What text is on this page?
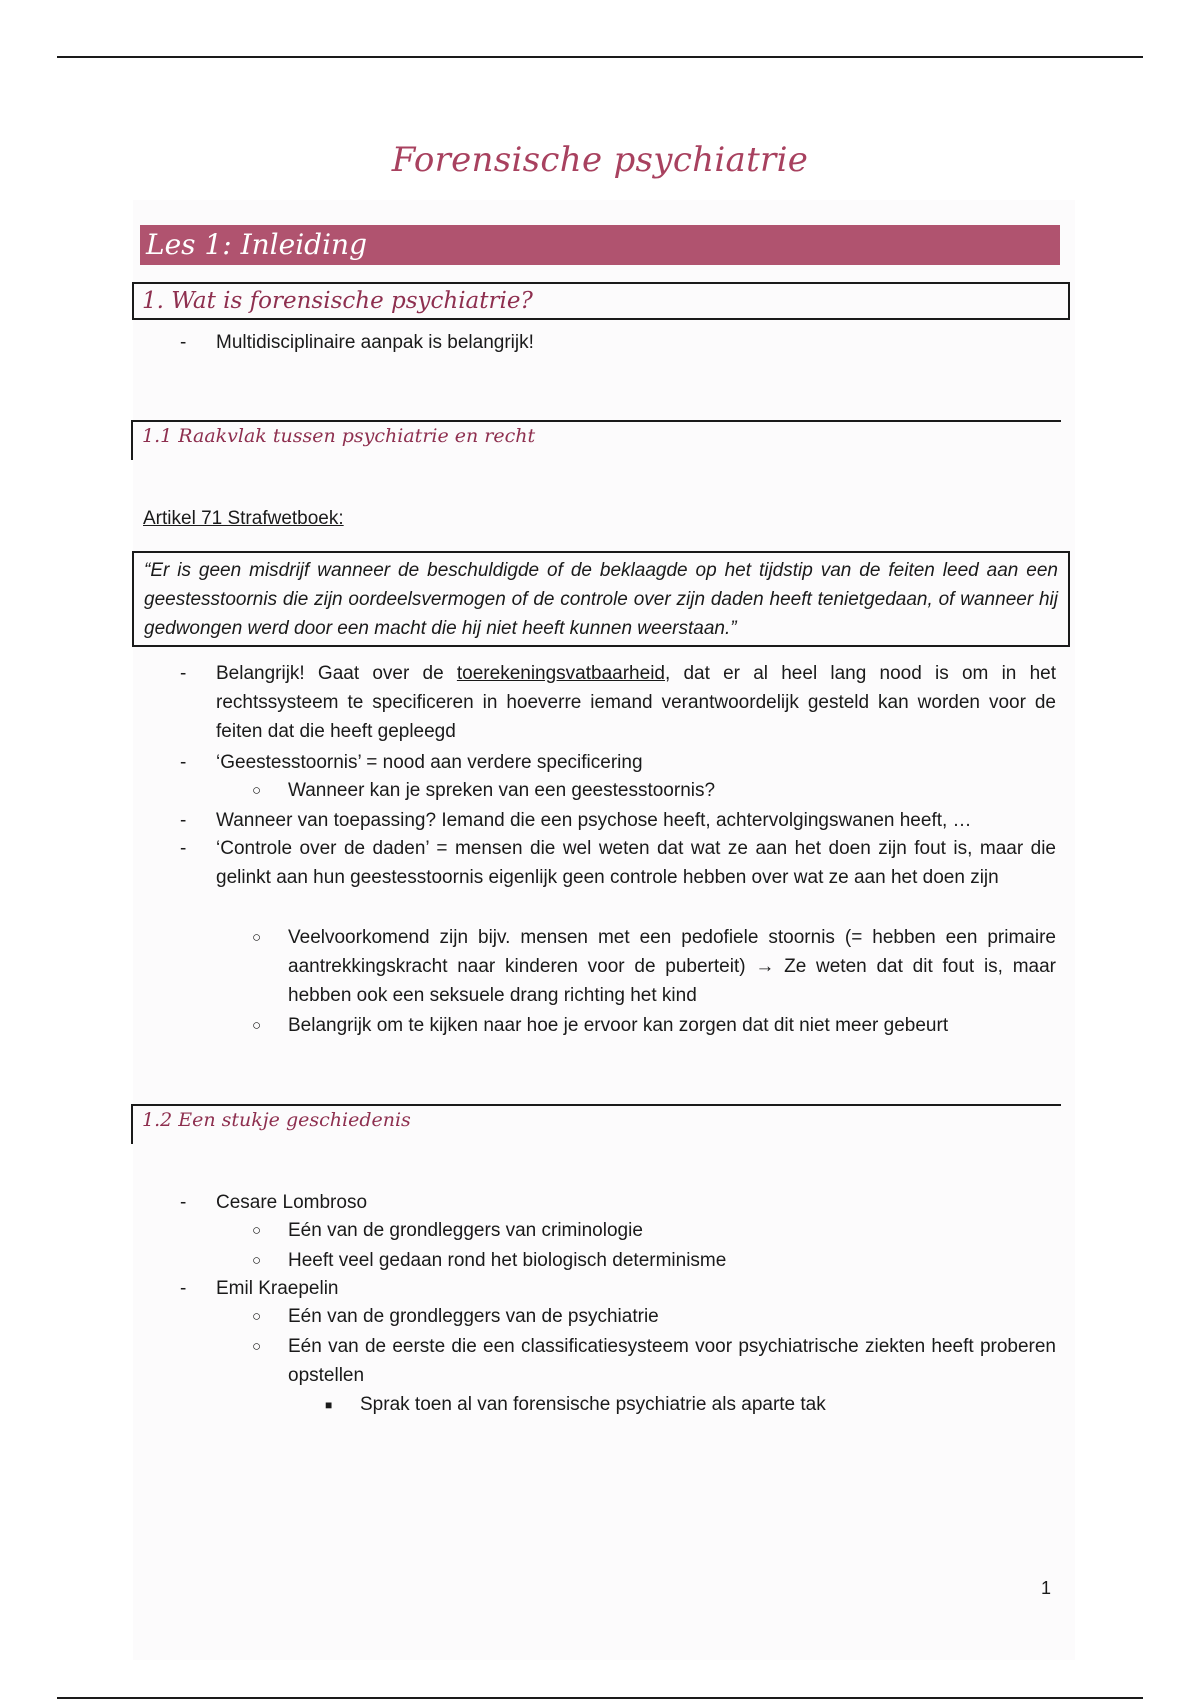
Forensische psychiatrie
Les 1: Inleiding
1. Wat is forensische psychiatrie?
- Multidisciplinaire aanpak is belangrijk!
1.1 Raakvlak tussen psychiatrie en recht
Artikel 71 Strafwetboek:
“Er is geen misdrijf wanneer de beschuldigde of de beklaagde op het tijdstip van de feiten leed aan een geestesstoornis die zijn oordeelsvermogen of de controle over zijn daden heeft tenietgedaan, of wanneer hij gedwongen werd door een macht die hij niet heeft kunnen weerstaan.”
- Belangrijk! Gaat over de toerekeningsvatbaarheid, dat er al heel lang nood is om in het rechtssysteem te specificeren in hoeverre iemand verantwoordelijk gesteld kan worden voor de feiten dat die heeft gepleegd
- ‘Geestesstoornis’ = nood aan verdere specificering
○ Wanneer kan je spreken van een geestesstoornis?
- Wanneer van toepassing? Iemand die een psychose heeft, achtervolgingswanen heeft, …
- ‘Controle over de daden’ = mensen die wel weten dat wat ze aan het doen zijn fout is, maar die gelinkt aan hun geestesstoornis eigenlijk geen controle hebben over wat ze aan het doen zijn
○ Veelvoorkomend zijn bijv. mensen met een pedofiele stoornis (= hebben een primaire aantrekkingskracht naar kinderen voor de puberteit) → Ze weten dat dit fout is, maar hebben ook een seksuele drang richting het kind
○ Belangrijk om te kijken naar hoe je ervoor kan zorgen dat dit niet meer gebeurt
1.2 Een stukje geschiedenis
- Cesare Lombroso
○ Eén van de grondleggers van criminologie
○ Heeft veel gedaan rond het biologisch determinisme
- Emil Kraepelin
○ Eén van de grondleggers van de psychiatrie
○ Eén van de eerste die een classificatiesysteem voor psychiatrische ziekten heeft proberen opstellen
■ Sprak toen al van forensische psychiatrie als aparte tak
1
